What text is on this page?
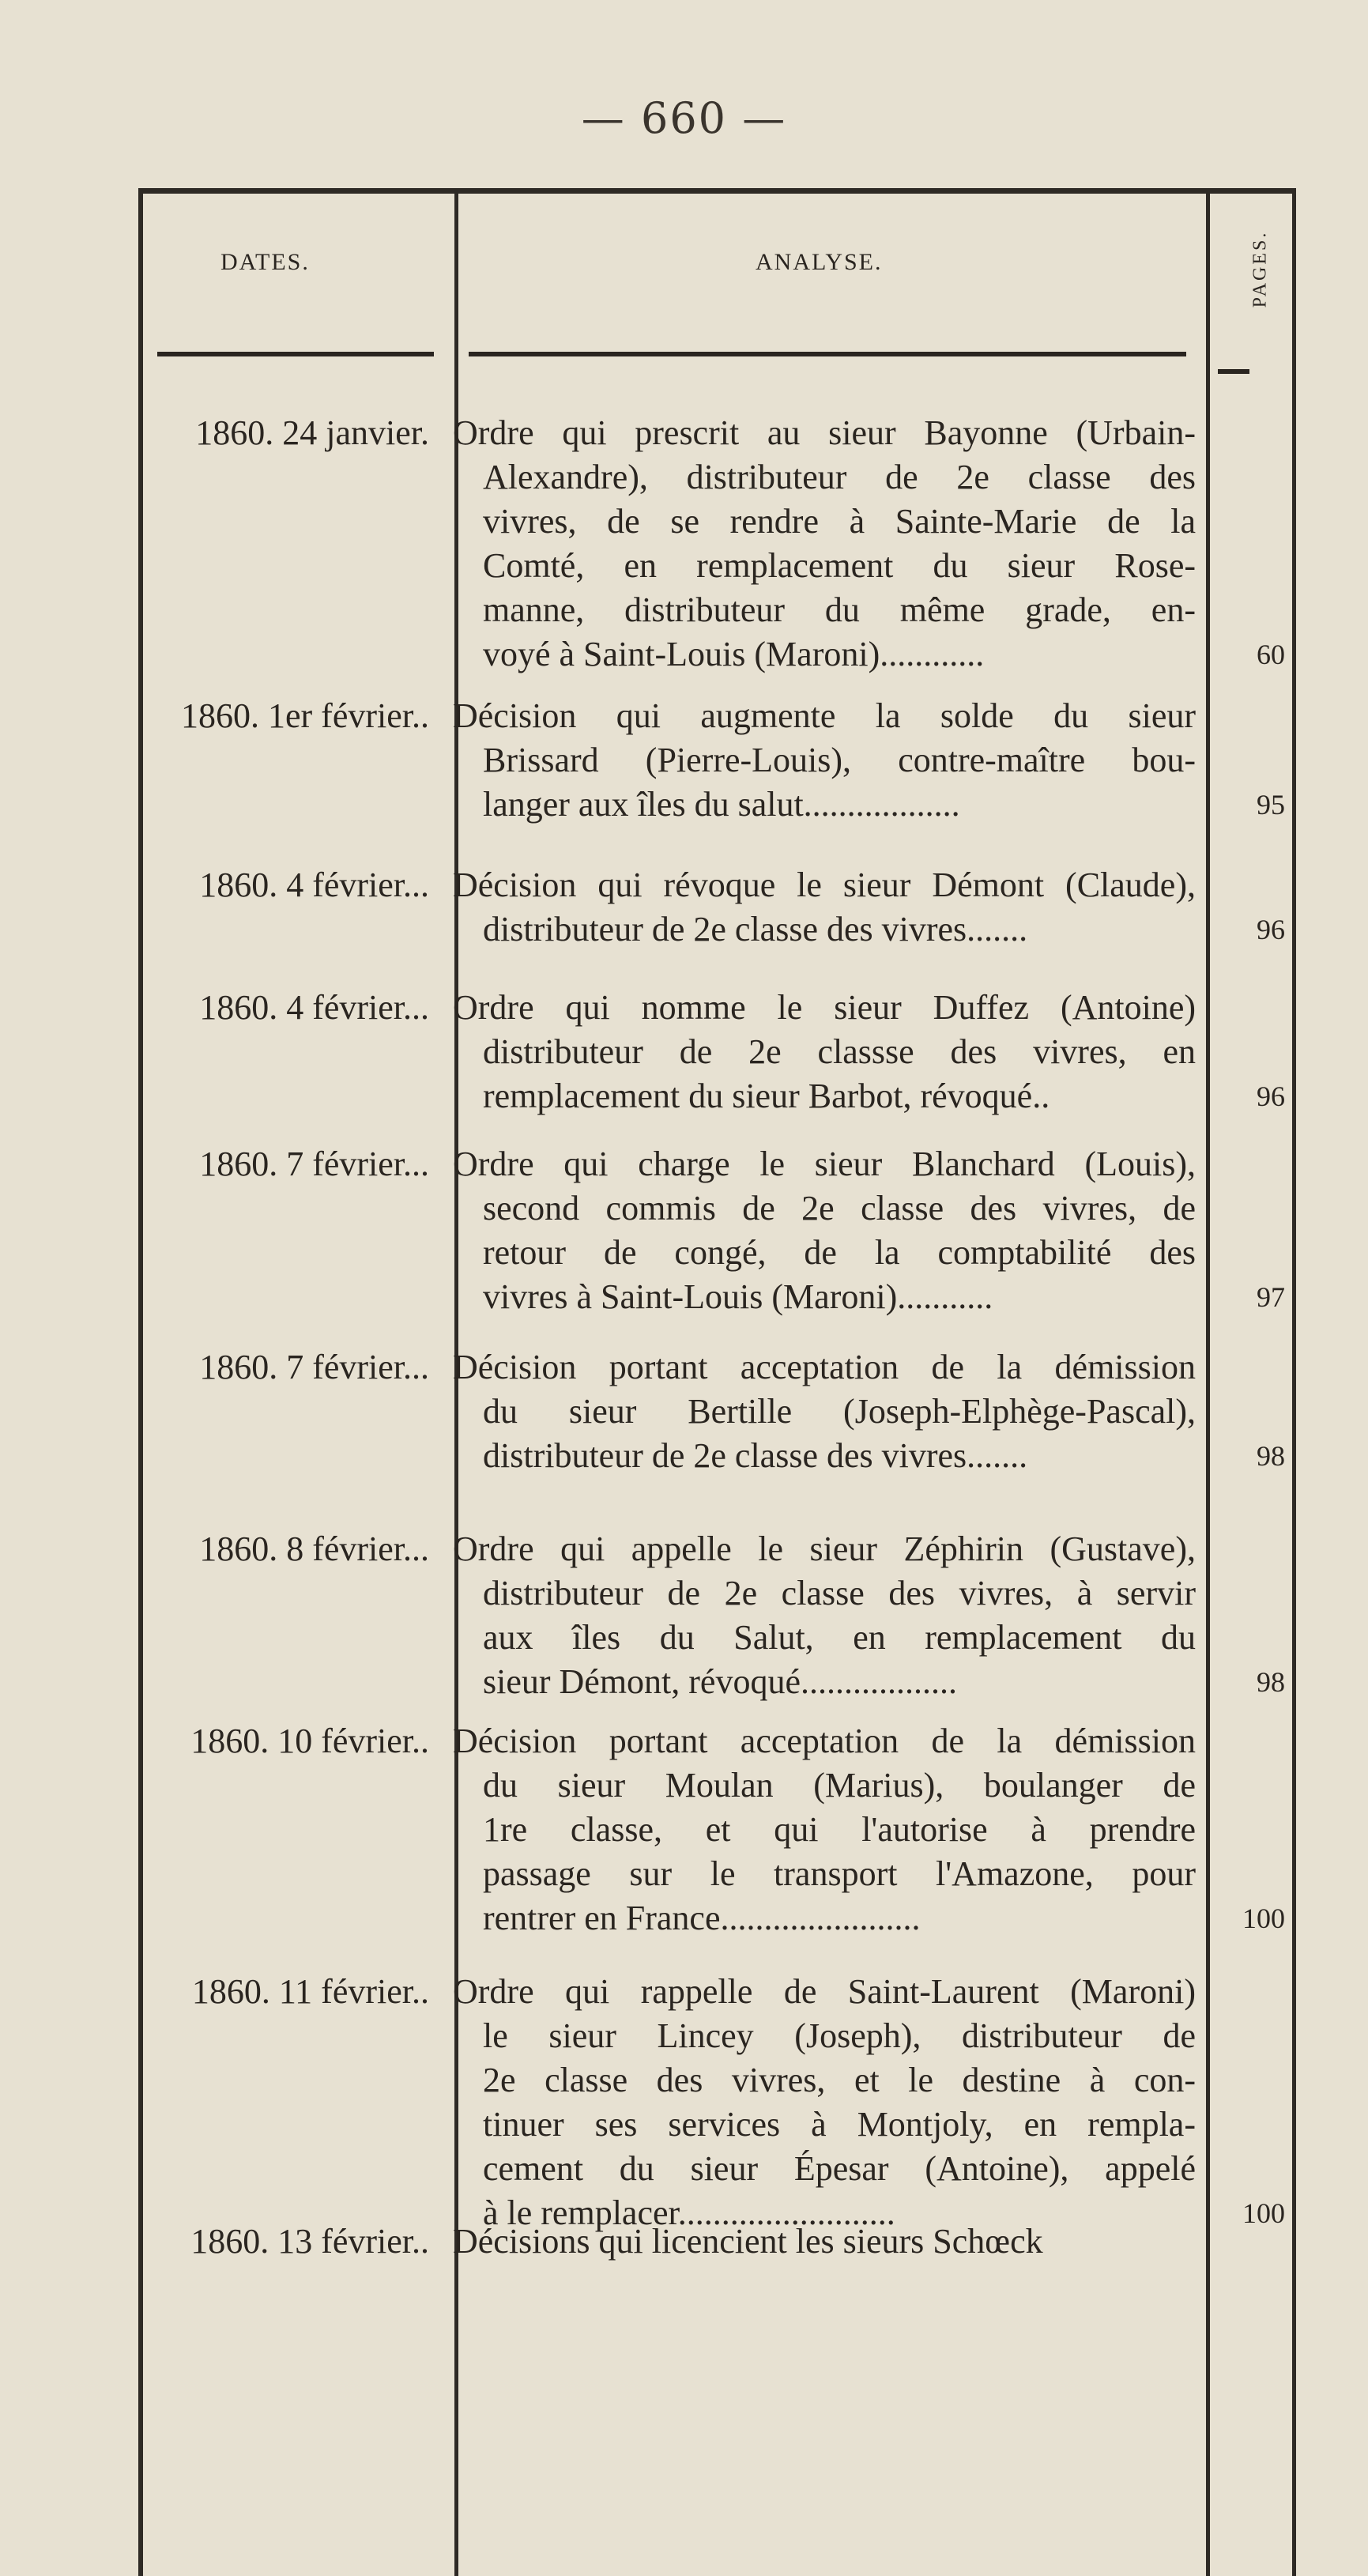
— 660 —
DATES.	ANALYSE.	PAGES.
1860. 24 janvier. Ordre qui prescrit au sieur Bayonne (Urbain-
Alexandre), distributeur de 2e classe des
vivres, de se rendre à Sainte-Marie de la
Comté, en remplacement du sieur Rose-
manne, distributeur du même grade, en-
voyé à Saint-Louis (Maroni)............	60
1860. 1er février.. Décision qui augmente la solde du sieur
Brissard (Pierre-Louis), contre-maître bou-
langer aux îles du salut..................	95
1860. 4 février... Décision qui révoque le sieur Démont (Claude),
distributeur de 2e classe des vivres.......	96
1860. 4 février... Ordre qui nomme le sieur Duffez (Antoine)
distributeur de 2e classse des vivres, en
remplacement du sieur Barbot, révoqué..	96
1860. 7 février... Ordre qui charge le sieur Blanchard (Louis),
second commis de 2e classe des vivres, de
retour de congé, de la comptabilité des
vivres à Saint-Louis (Maroni)...........	97
1860. 7 février... Décision portant acceptation de la démission
du sieur Bertille (Joseph-Elphège-Pascal),
distributeur de 2e classe des vivres.......	98
1860. 8 février... Ordre qui appelle le sieur Zéphirin (Gustave),
distributeur de 2e classe des vivres, à servir
aux îles du Salut, en remplacement du
sieur Démont, révoqué..................	98
1860. 10 février.. Décision portant acceptation de la démission
du sieur Moulan (Marius), boulanger de
1re classe, et qui l'autorise à prendre
passage sur le transport l'Amazone, pour
rentrer en France.......................	100
1860. 11 février.. Ordre qui rappelle de Saint-Laurent (Maroni)
le sieur Lincey (Joseph), distributeur de
2e classe des vivres, et le destine à con-
tinuer ses services à Montjoly, en rempla-
cement du sieur Épesar (Antoine), appelé
à le remplacer.........................	100
1860. 13 février.. Décisions qui licencient les sieurs Schœck
